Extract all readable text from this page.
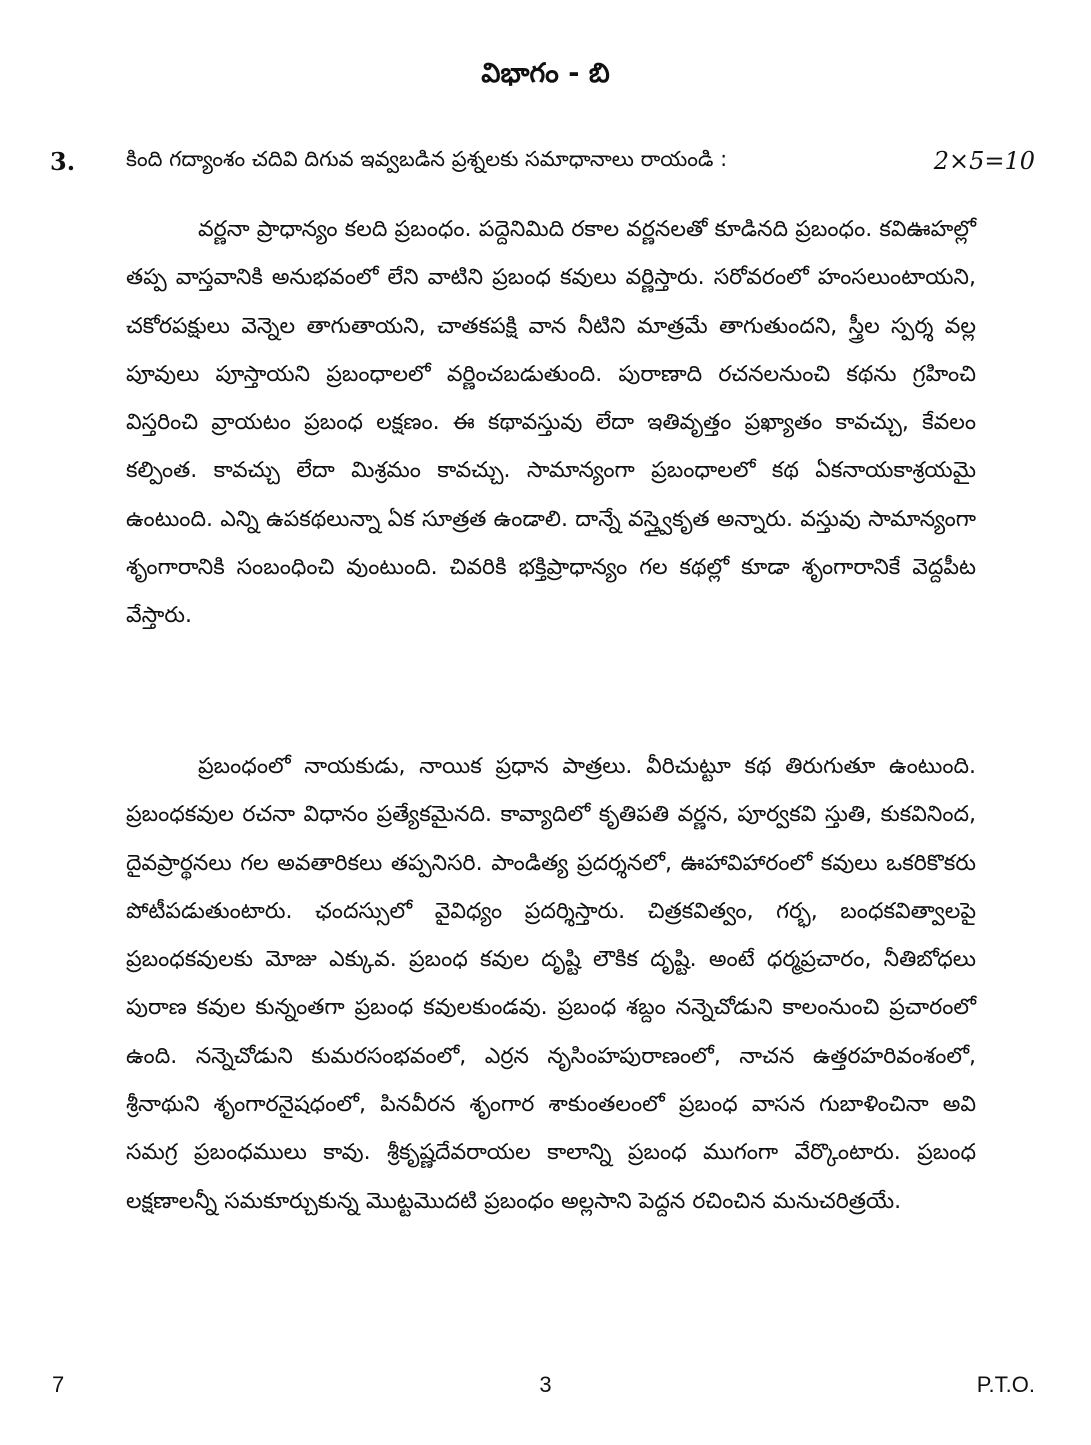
విభాగం - బి
3. కింది గద్యాంశం చదివి దిగువ ఇవ్వబడిన ప్రశ్నలకు సమాధానాలు రాయండి :	2×5=10

వర్ణనా ప్రాధాన్యం కలది ప్రబంధం. పద్దెనిమిది రకాల వర్ణనలతో కూడినది ప్రబంధం. కవిఊహల్లో తప్ప వాస్తవానికి అనుభవంలో లేని వాటిని ప్రబంధ కవులు వర్ణిస్తారు. సరోవరంలో హంసలుంటాయని, చకోరపక్షులు వెన్నెల తాగుతాయని, చాతకపక్షి వాన నీటిని మాత్రమే తాగుతుందని, స్త్రీల స్పర్శ వల్ల పూవులు పూస్తాయని ప్రబంధాలలో వర్ణించబడుతుంది. పురాణాది రచనలనుంచి కథను గ్రహించి విస్తరించి వ్రాయటం ప్రబంధ లక్షణం. ఈ కథావస్తువు లేదా ఇతివృత్తం ప్రఖ్యాతం కావచ్చు, కేవలం కల్పింత. కావచ్చు లేదా మిశ్రమం కావచ్చు. సామాన్యంగా ప్రబంధాలలో కథ ఏకనాయకాశ్రయమై ఉంటుంది. ఎన్ని ఉపకథలున్నా ఏక సూత్రత ఉండాలి. దాన్నే వస్త్వైకృత అన్నారు. వస్తువు సామాన్యంగా శృంగారానికి సంబంధించి వుంటుంది. చివరికి భక్తిప్రాధాన్యం గల కథల్లో కూడా శృంగారానికే వెద్దపీట వేస్తారు.

ప్రబంధంలో నాయకుడు, నాయిక ప్రధాన పాత్రలు. వీరిచుట్టూ కథ తిరుగుతూ ఉంటుంది. ప్రబంధకవుల రచనా విధానం ప్రత్యేకమైనది. కావ్యాదిలో కృతిపతి వర్ణన, పూర్వకవి స్తుతి, కుకవినింద, దైవప్రార్థనలు గల అవతారికలు తప్పనిసరి. పాండిత్య ప్రదర్శనలో, ఊహావిహారంలో కవులు ఒకరికొకరు పోటీపడుతుంటారు. ఛందస్సులో వైవిధ్యం ప్రదర్శిస్తారు. చిత్రకవిత్వం, గర్భ, బంధకవిత్వాలపై ప్రబంధకవులకు మోజు ఎక్కువ. ప్రబంధ కవుల దృష్టి లౌకిక దృష్టి. అంటే ధర్మప్రచారం, నీతిబోధలు పురాణ కవుల కున్నంతగా ప్రబంధ కవులకుండవు. ప్రబంధ శబ్దం నన్నెచోడుని కాలంనుంచి ప్రచారంలో ఉంది. నన్నెచోడుని కుమరసంభవంలో, ఎర్రన నృసింహపురాణంలో, నాచన ఉత్తరహరివంశంలో, శ్రీనాథుని శృంగారనైషధంలో, పినవీరన శృంగార శాకుంతలంలో ప్రబంధ వాసన గుబాళించినా అవి సమగ్ర ప్రబంధములు కావు. శ్రీకృష్ణదేవరాయల కాలాన్ని ప్రబంధ ముగంగా వేర్కొంటారు. ప్రబంధ లక్షణాలన్నీ సమకూర్చుకున్న మొట్టమొదటి ప్రబంధం అల్లసాని పెద్దన రచించిన మనుచరిత్రయే.

7	3	P.T.O.
